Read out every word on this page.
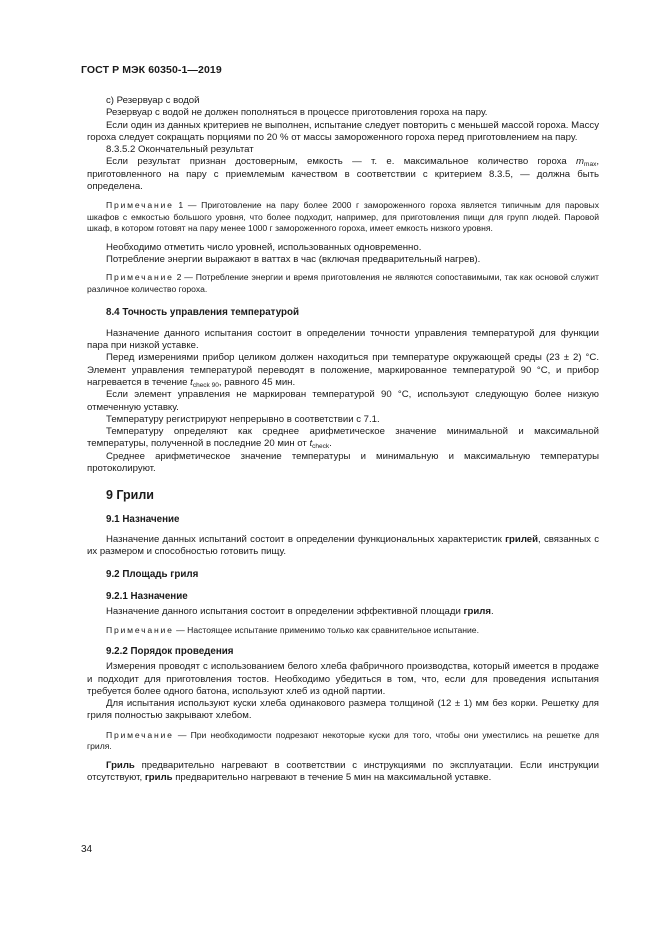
ГОСТ Р МЭК 60350-1—2019

с) Резервуар с водой

Резервуар с водой не должен пополняться в процессе приготовления гороха на пару.

Если один из данных критериев не выполнен, испытание следует повторить с меньшей массой гороха. Массу гороха следует сокращать порциями по 20 % от массы замороженного гороха перед приготовлением на пару.

8.3.5.2 Окончательный результат

Если результат признан достоверным, емкость — т. е. максимальное количество гороха $m_{max}$, приготовленного на пару с приемлемым качеством в соответствии с критерием 8.3.5, — должна быть определена.

Примечание 1 — Приготовление на пару более 2000 г замороженного гороха является типичным для паровых шкафов с емкостью большого уровня, что более подходит, например, для приготовления пищи для групп людей. Паровой шкаф, в котором готовят на пару менее 1000 г замороженного гороха, имеет емкость низкого уровня.

Необходимо отметить число уровней, использованных одновременно.

Потребление энергии выражают в ваттах в час (включая предварительный нагрев).

Примечание 2 — Потребление энергии и время приготовления не являются сопоставимыми, так как основой служит различное количество гороха.

8.4 Точность управления температурой

Назначение данного испытания состоит в определении точности управления температурой для функции пара при низкой уставке.

Перед измерениями прибор целиком должен находиться при температуре окружающей среды (23 ± 2) °С. Элемент управления температурой переводят в положение, маркированное температурой 90 °С, и прибор нагревается в течение $t_{check 90}$, равного 45 мин.

Если элемент управления не маркирован температурой 90 °С, используют следующую более низкую отмеченную уставку.

Температуру регистрируют непрерывно в соответствии с 7.1.

Температуру определяют как среднее арифметическое значение минимальной и максимальной температуры, полученной в последние 20 мин от $t_{check}$.

Среднее арифметическое значение температуры и минимальную и максимальную температуры протоколируют.

9 Грили

9.1 Назначение

Назначение данных испытаний состоит в определении функциональных характеристик грилей, связанных с их размером и способностью готовить пищу.

9.2 Площадь гриля

9.2.1 Назначение

Назначение данного испытания состоит в определении эффективной площади гриля.

Примечание — Настоящее испытание применимо только как сравнительное испытание.

9.2.2 Порядок проведения

Измерения проводят с использованием белого хлеба фабричного производства, который имеется в продаже и подходит для приготовления тостов. Необходимо убедиться в том, что, если для проведения испытания требуется более одного батона, используют хлеб из одной партии.

Для испытания используют куски хлеба одинакового размера толщиной (12 ± 1) мм без корки. Решетку для гриля полностью закрывают хлебом.

Примечание — При необходимости подрезают некоторые куски для того, чтобы они уместились на решетке для гриля.

Гриль предварительно нагревают в соответствии с инструкциями по эксплуатации. Если инструкции отсутствуют, гриль предварительно нагревают в течение 5 мин на максимальной уставке.

34
